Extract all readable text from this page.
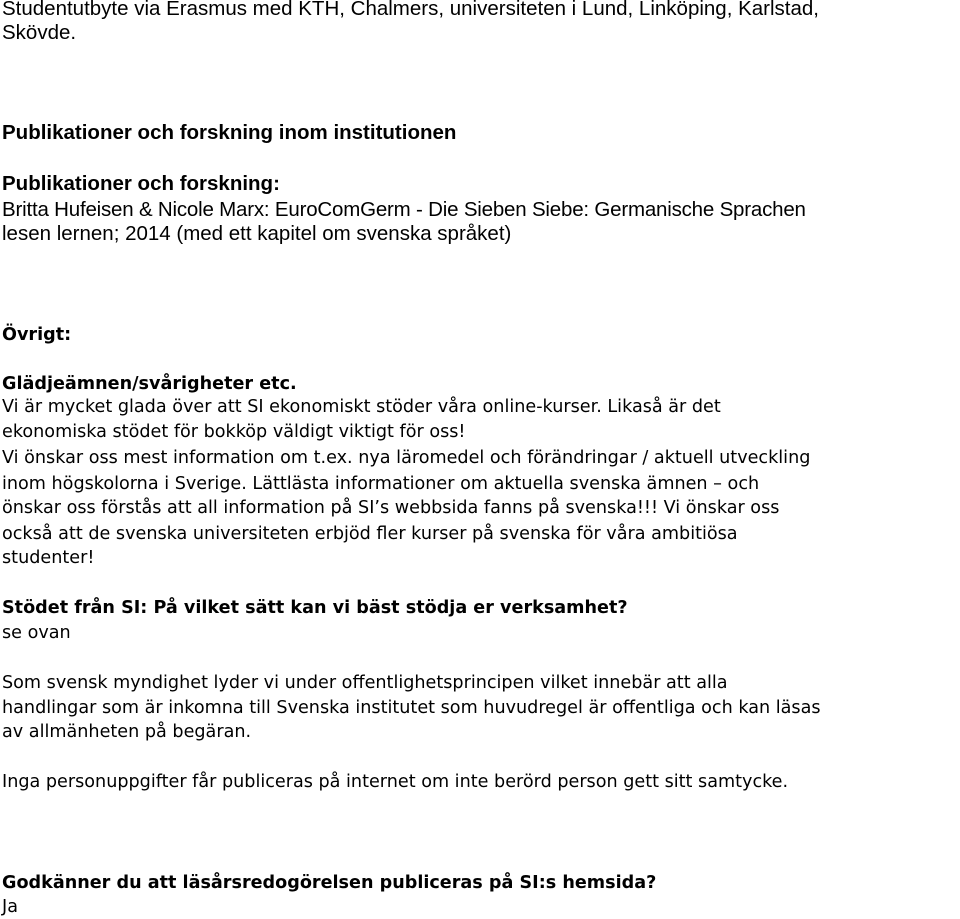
Studentutbyte via Erasmus med KTH, Chalmers, universiteten i Lund, Linköping, Karlstad,

Skövde.

Publikationer och forskning inom institutionen

Publikationer och forskning:

Britta Hufeisen & Nicole Marx: EuroComGerm - Die Sieben Siebe: Germanische Sprachen

lesen lernen; 2014 (med ett kapitel om svenska språket)

Övrigt:

Glädjeämnen/svårigheter etc.

Vi är mycket glada över att SI ekonomiskt stöder våra online-kurser. Likaså är det

ekonomiska stödet för bokköp väldigt viktigt för oss!

Vi önskar oss mest information om t.ex. nya läromedel och förändringar / aktuell utveckling

inom högskolorna i Sverige. Lättlästa informationer om aktuella svenska ämnen – och

önskar oss förstås att all information på SI’s webbsida fanns på svenska!!! Vi önskar oss

också att de svenska universiteten erbjöd fler kurser på svenska för våra ambitiösa

studenter!

Stödet från SI: På vilket sätt kan vi bäst stödja er verksamhet?

se ovan

Som svensk myndighet lyder vi under offentlighetsprincipen vilket innebär att alla

handlingar som är inkomna till Svenska institutet som huvudregel är offentliga och kan läsas

av allmänheten på begäran.

Inga personuppgifter får publiceras på internet om inte berörd person gett sitt samtycke.

Godkänner du att läsårsredogörelsen publiceras på SI:s hemsida?

Ja
